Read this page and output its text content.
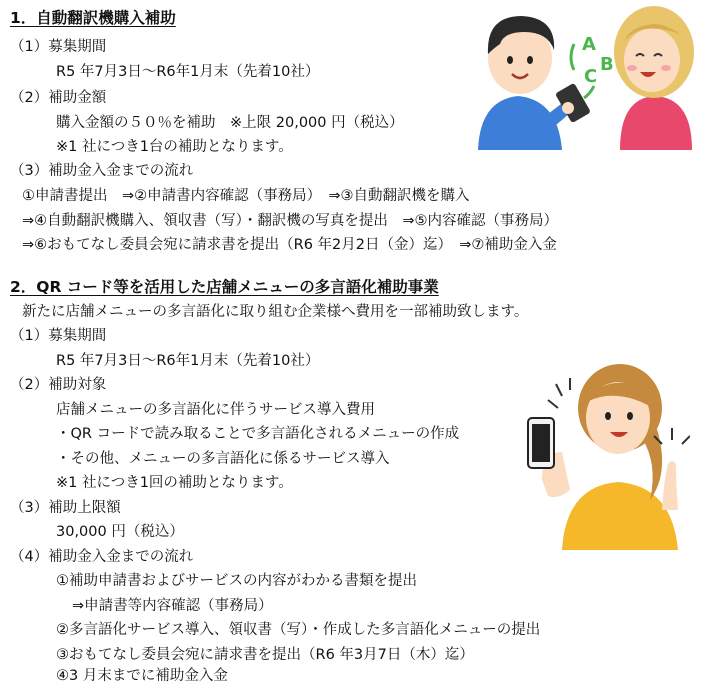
1．自動翻訳機購入補助
（1）募集期間
R5 年7月3日〜R6年1月末（先着10社）
（2）補助金額
購入金額の５０％を補助　※上限 20,000 円（税込）
※1 社につき1台の補助となります。
（3）補助金入金までの流れ
①申請書提出　⇒②申請書内容確認（事務局）　⇒③自動翻訳機を購入
⇒④自動翻訳機購入、領収書（写）・翻訳機の写真を提出　⇒⑤内容確認（事務局）
⇒⑥おもてなし委員会宛に請求書を提出（R6 年2月2日（金）迄）　⇒⑦補助金入金
A
B
C
2．QR コード等を活用した店舗メニューの多言語化補助事業
新たに店舗メニューの多言語化に取り組む企業様へ費用を一部補助致します。
（1）募集期間
R5 年7月3日〜R6年1月末（先着10社）
（2）補助対象
店舗メニューの多言語化に伴うサービス導入費用
・QR コードで読み取ることで多言語化されるメニューの作成
・その他、メニューの多言語化に係るサービス導入
※1 社につき1回の補助となります。
（3）補助上限額
30,000 円（税込）
（4）補助金入金までの流れ
①補助申請書およびサービスの内容がわかる書類を提出
⇒申請書等内容確認（事務局）
②多言語化サービス導入、領収書（写）・作成した多言語化メニューの提出
③おもてなし委員会宛に請求書を提出（R6 年3月7日（木）迄）
④3 月末までに補助金入金
